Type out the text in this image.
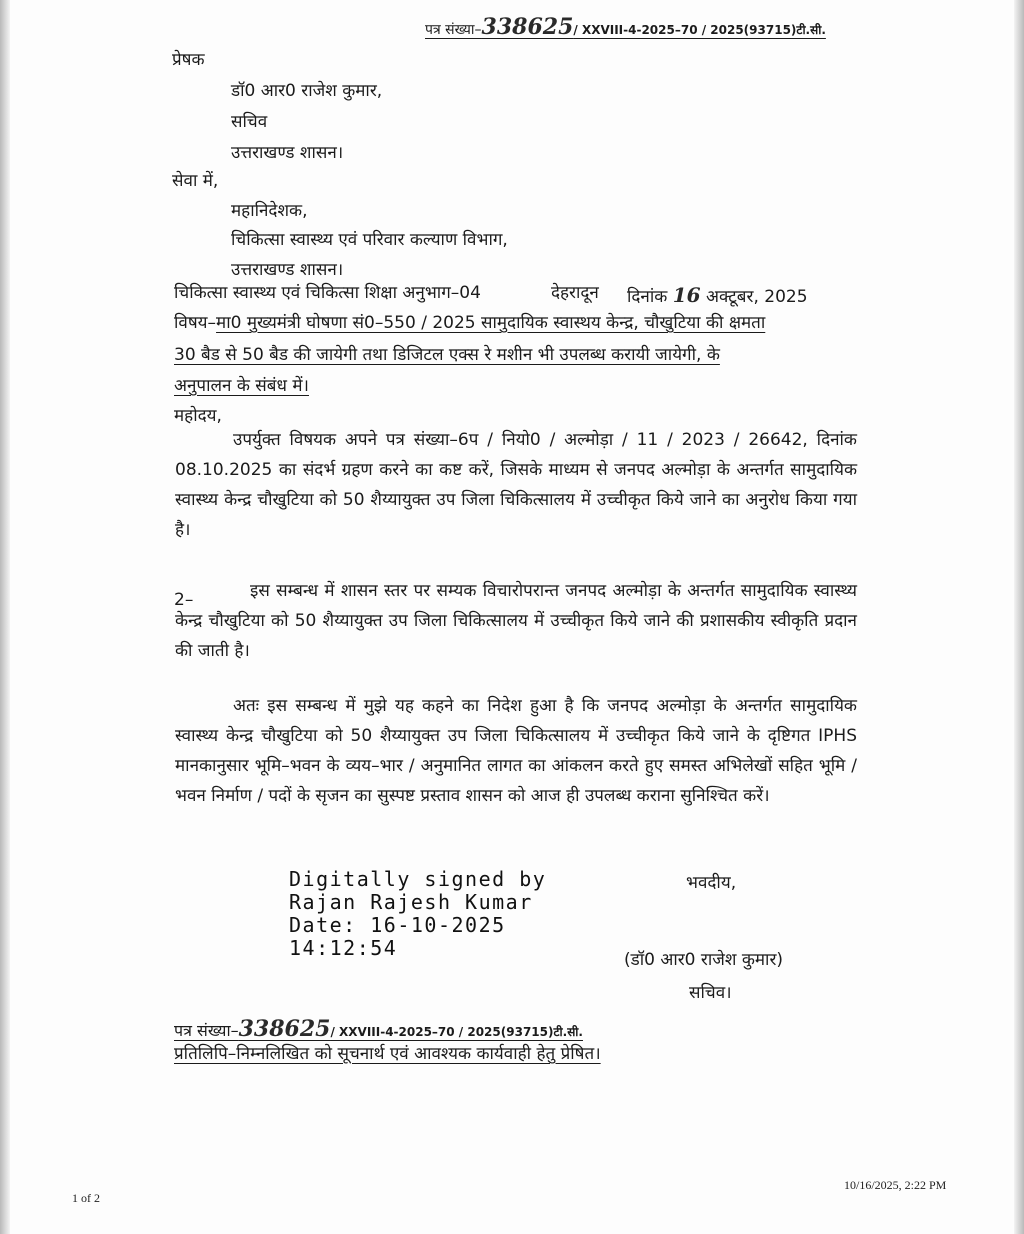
पत्र संख्या–338625/ XXVIII-4-2025–70 / 2025(93715)टी.सी.
प्रेषक
डॉ0 आर0 राजेश कुमार,
सचिव
उत्तराखण्ड शासन।
सेवा में,
महानिदेशक,
चिकित्सा स्वास्थ्य एवं परिवार कल्याण विभाग,
उत्तराखण्ड शासन।
चिकित्सा स्वास्थ्य एवं चिकित्सा शिक्षा अनुभाग–04	देहरादून दिनांक 16 अक्टूबर, 2025
विषय–मा0 मुख्यमंत्री घोषणा सं0–550 / 2025 सामुदायिक स्वास्थय केन्द्र, चौखुटिया की क्षमता
30 बैड से 50 बैड की जायेगी तथा डिजिटल एक्स रे मशीन भी उपलब्ध करायी जायेगी, के
अनुपालन के संबंध में।
महोदय,
उपर्युक्त विषयक अपने पत्र संख्या–6प / नियो0 / अल्मोड़ा / 11 / 2023 / 26642, दिनांक 08.10.2025 का संदर्भ ग्रहण करने का कष्ट करें, जिसके माध्यम से जनपद अल्मोड़ा के अन्तर्गत सामुदायिक स्वास्थ्य केन्द्र चौखुटिया को 50 शैय्यायुक्त उप जिला चिकित्सालय में उच्चीकृत किये जाने का अनुरोध किया गया है।
2–	इस सम्बन्ध में शासन स्तर पर सम्यक विचारोपरान्त जनपद अल्मोड़ा के अन्तर्गत सामुदायिक स्वास्थ्य केन्द्र चौखुटिया को 50 शैय्यायुक्त उप जिला चिकित्सालय में उच्चीकृत किये जाने की प्रशासकीय स्वीकृति प्रदान की जाती है।
अतः इस सम्बन्ध में मुझे यह कहने का निदेश हुआ है कि जनपद अल्मोड़ा के अन्तर्गत सामुदायिक स्वास्थ्य केन्द्र चौखुटिया को 50 शैय्यायुक्त उप जिला चिकित्सालय में उच्चीकृत किये जाने के दृष्टिगत IPHS मानकानुसार भूमि–भवन के व्यय–भार / अनुमानित लागत का आंकलन करते हुए समस्त अभिलेखों सहित भूमि / भवन निर्माण / पदों के सृजन का सुस्पष्ट प्रस्ताव शासन को आज ही उपलब्ध कराना सुनिश्चित करें।
Digitally signed by
Rajan Rajesh Kumar
Date: 16-10-2025
14:12:54
भवदीय,
(डॉ0 आर0 राजेश कुमार)
सचिव।
पत्र संख्या–338625/ XXVIII-4-2025–70 / 2025(93715)टी.सी.
प्रतिलिपि–निम्नलिखित को सूचनार्थ एवं आवश्यक कार्यवाही हेतु प्रेषित।
1 of 2
10/16/2025, 2:22 PM
